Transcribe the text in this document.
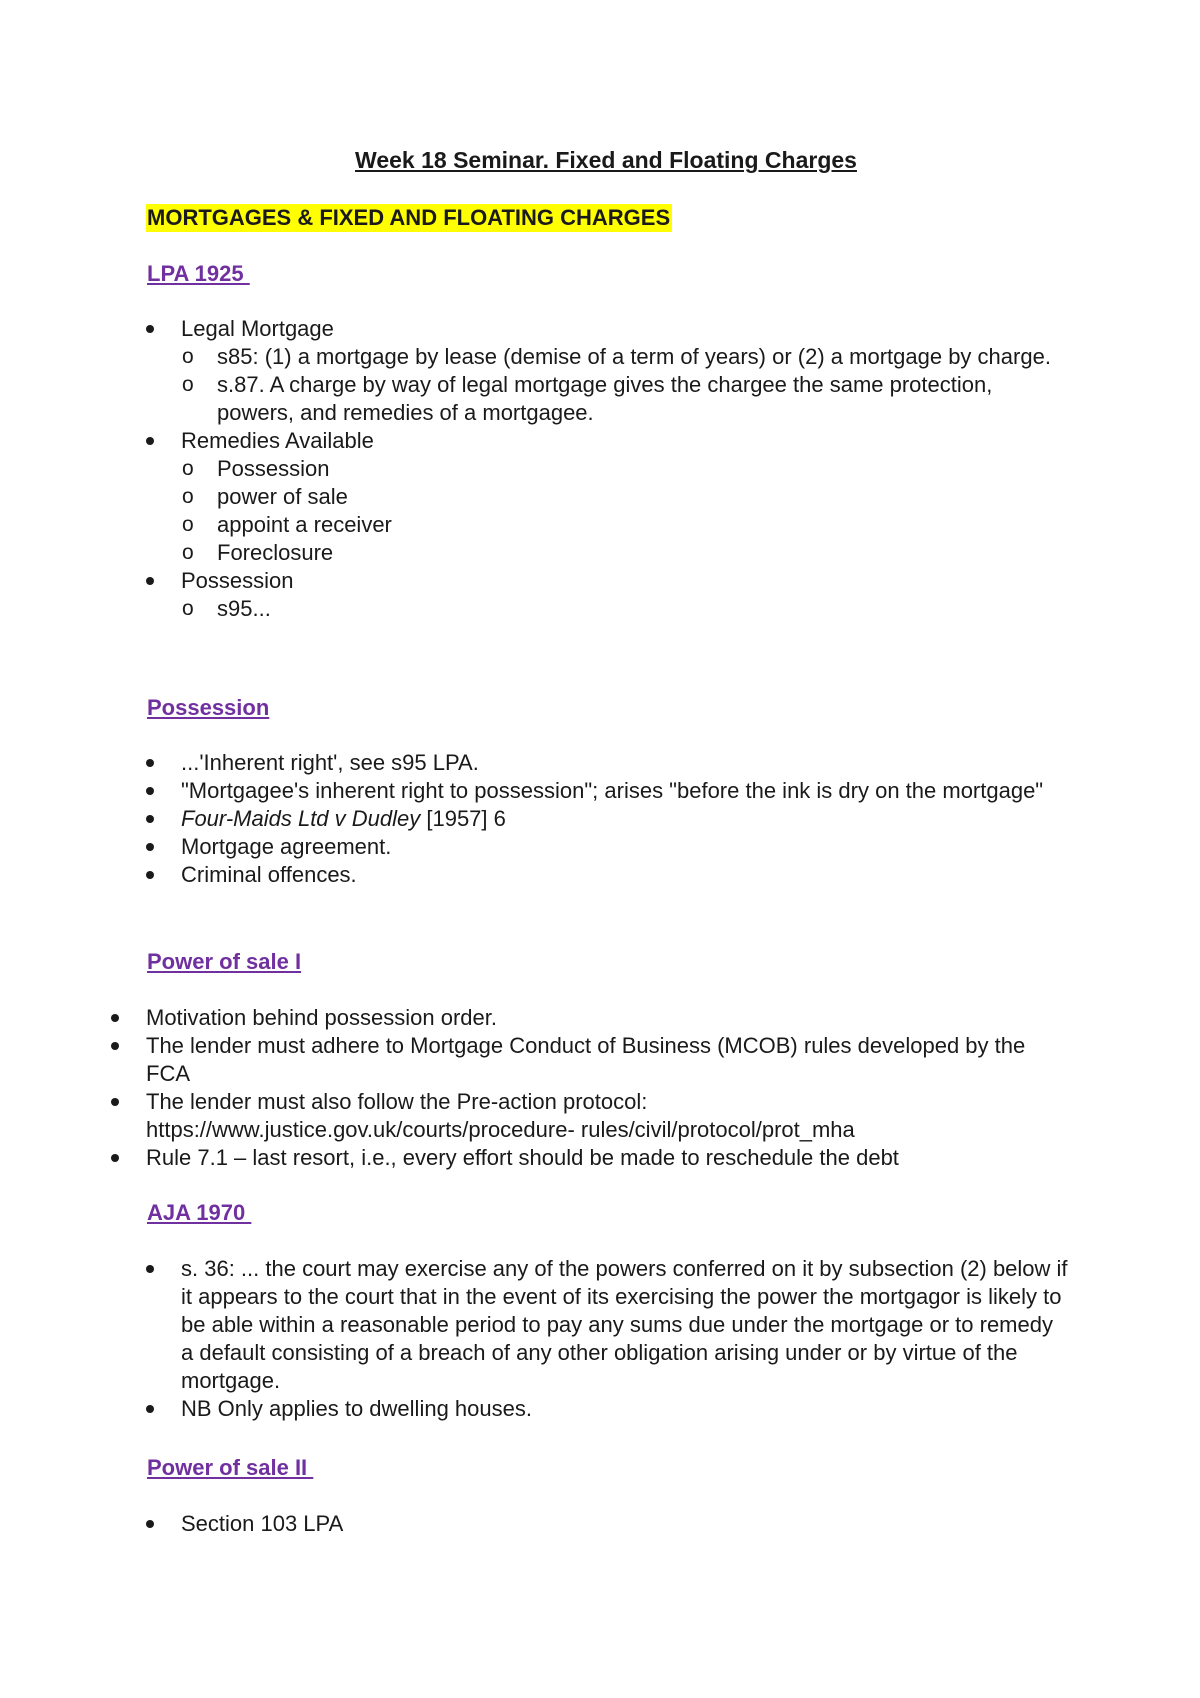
Week 18 Seminar. Fixed and Floating Charges
MORTGAGES & FIXED AND FLOATING CHARGES
LPA 1925
Legal Mortgage
o s85: (1) a mortgage by lease (demise of a term of years) or (2) a mortgage by charge.
o s.87. A charge by way of legal mortgage gives the chargee the same protection, powers, and remedies of a mortgagee.
Remedies Available
o Possession
o power of sale
o appoint a receiver
o Foreclosure
Possession
o s95...
Possession
...'Inherent right', see s95 LPA.
"Mortgagee's inherent right to possession"; arises "before the ink is dry on the mortgage"
Four-Maids Ltd v Dudley [1957] 6
Mortgage agreement.
Criminal offences.
Power of sale I
Motivation behind possession order.
The lender must adhere to Mortgage Conduct of Business (MCOB) rules developed by the FCA
The lender must also follow the Pre-action protocol: https://www.justice.gov.uk/courts/procedure- rules/civil/protocol/prot_mha
Rule 7.1 – last resort, i.e., every effort should be made to reschedule the debt
AJA 1970
s. 36: ... the court may exercise any of the powers conferred on it by subsection (2) below if it appears to the court that in the event of its exercising the power the mortgagor is likely to be able within a reasonable period to pay any sums due under the mortgage or to remedy a default consisting of a breach of any other obligation arising under or by virtue of the mortgage.
NB Only applies to dwelling houses.
Power of sale II
Section 103 LPA
